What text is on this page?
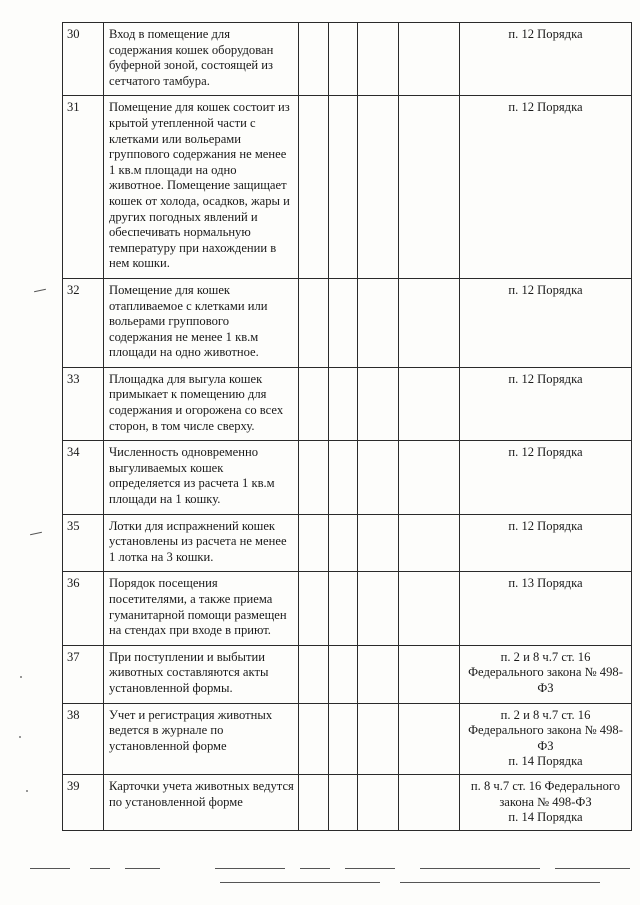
30	Вход в помещение для содержания кошек оборудован буферной зоной, состоящей из сетчатого тамбура.					п. 12 Порядка

31	Помещение для кошек состоит из крытой утепленной части с клетками или вольерами группового содержания не менее 1 кв.м площади на одно животное. Помещение защищает кошек от холода, осадков, жары и других погодных явлений и обеспечивать нормальную температуру при нахождении в нем кошки.					п. 12 Порядка

32	Помещение для кошек отапливаемое с клетками или вольерами группового содержания не менее 1 кв.м площади на одно животное.					п. 12 Порядка

33	Площадка для выгула кошек примыкает к помещению для содержания и огорожена со всех сторон, в том числе сверху.					п. 12 Порядка

34	Численность одновременно выгуливаемых кошек определяется из расчета 1 кв.м площади на 1 кошку.					п. 12 Порядка

35	Лотки для испражнений кошек установлены из расчета не менее 1 лотка на 3 кошки.					п. 12 Порядка

36	Порядок посещения посетителями, а также приема гуманитарной помощи размещен на стендах при входе в приют.					п. 13 Порядка

37	При поступлении и выбытии животных составляются акты установленной формы.					п. 2 и 8 ч.7 ст. 16 Федерального закона № 498-ФЗ

38	Учет и регистрация животных ведется в журнале по установленной форме					п. 2 и 8 ч.7 ст. 16 Федерального закона № 498-ФЗ
п. 14 Порядка

39	Карточки учета животных ведутся по установленной форме					п. 8 ч.7 ст. 16 Федерального закона № 498-ФЗ
п. 14 Порядка
